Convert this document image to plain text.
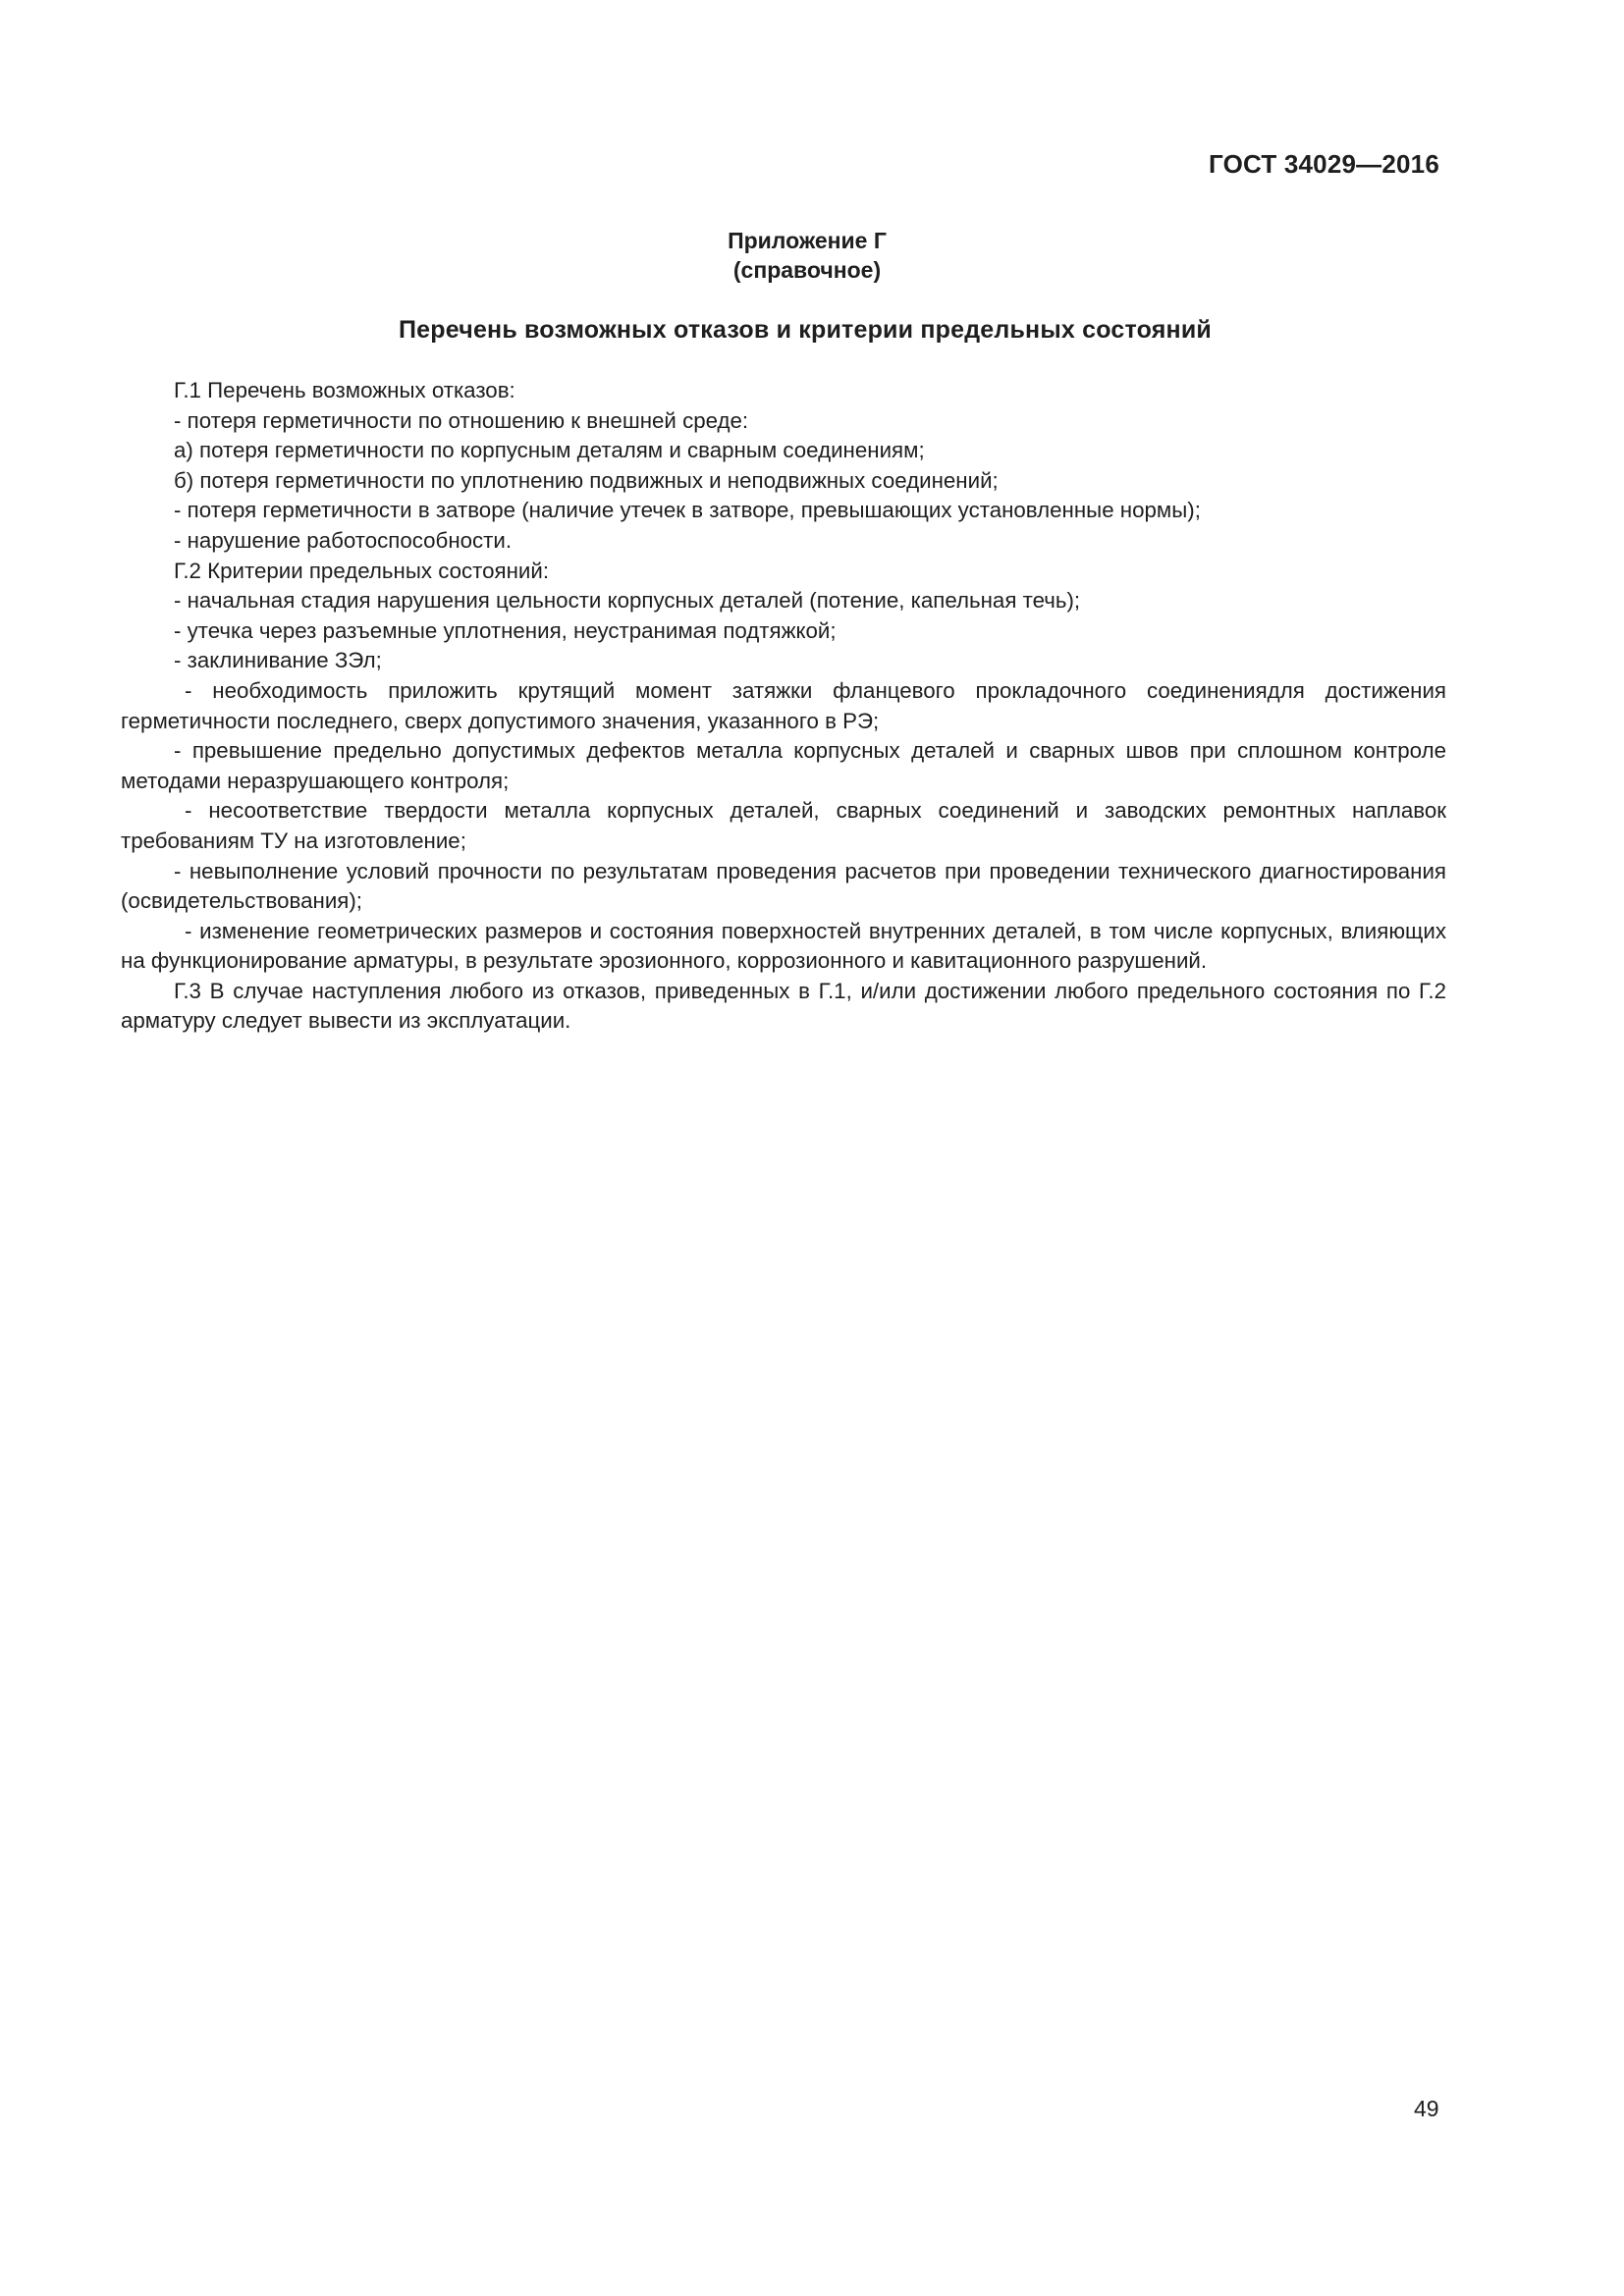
ГОСТ 34029—2016
Приложение Г
(справочное)
Перечень возможных отказов и критерии предельных состояний

Г.1 Перечень возможных отказов:

- потеря герметичности по отношению к внешней среде:

а) потеря герметичности по корпусным деталям и сварным соединениям;

б) потеря герметичности по уплотнению подвижных и неподвижных соединений;

- потеря герметичности в затворе (наличие утечек в затворе, превышающих установленные нормы);

- нарушение работоспособности.

Г.2 Критерии предельных состояний:

- начальная стадия нарушения цельности корпусных деталей (потение, капельная течь);

- утечка через разъемные уплотнения, неустранимая подтяжкой;

- заклинивание ЗЭл;

- необходимость приложить крутящий момент затяжки фланцевого прокладочного соединениядля достижения герметичности последнего, сверх допустимого значения, указанного в РЭ;

- превышение предельно допустимых дефектов металла корпусных деталей и сварных швов при сплошном контроле методами неразрушающего контроля;

- несоответствие твердости металла корпусных деталей, сварных соединений и заводских ремонтных наплавок требованиям ТУ на изготовление;

- невыполнение условий прочности по результатам проведения расчетов при проведении технического диагностирования (освидетельствования);

- изменение геометрических размеров и состояния поверхностей внутренних деталей, в том числе корпусных, влияющих на функционирование арматуры, в результате эрозионного, коррозионного и кавитационного разрушений.

Г.3 В случае наступления любого из отказов, приведенных в Г.1, и/или достижении любого предельного состояния по Г.2 арматуру следует вывести из эксплуатации.

49
